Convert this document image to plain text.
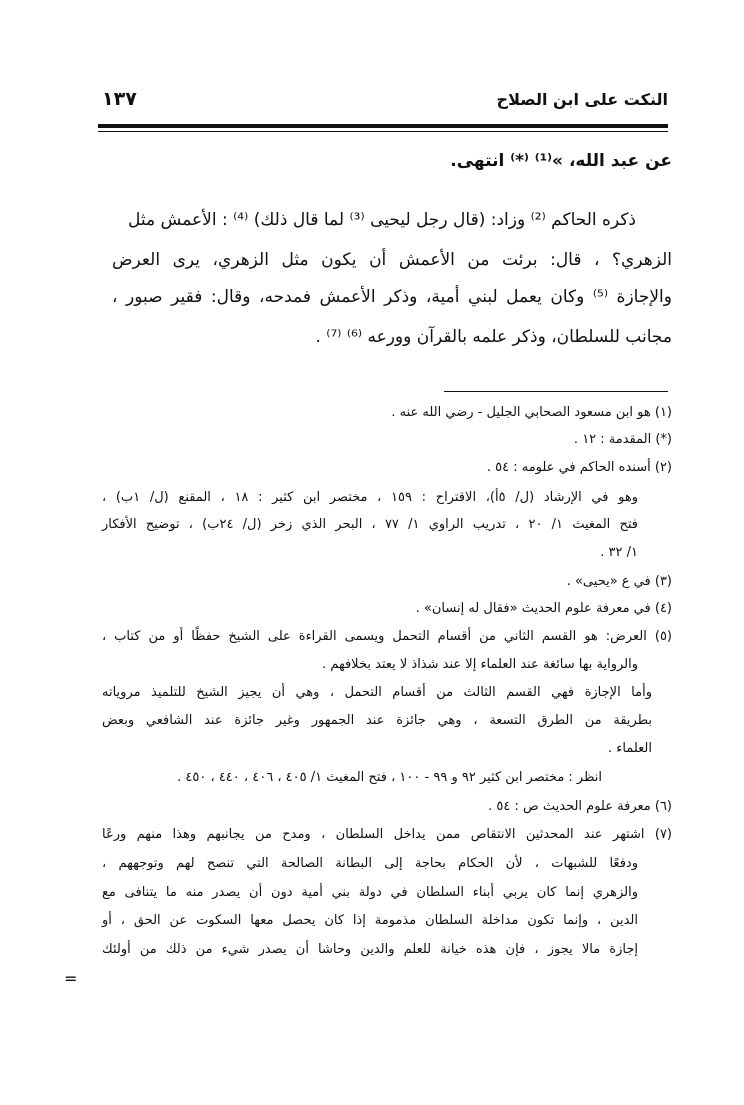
النكت على ابن الصلاح
١٣٧
عن عبد الله، »⁽¹⁾ ⁽*⁾ انتهى.
ذكره الحاكم ⁽²⁾ وزاد: (قال رجل ليحيى ⁽³⁾ لما قال ذلك) ⁽⁴⁾ : الأعمش مثل
الزهري؟ ، قال: برئت من الأعمش أن يكون مثل الزهري، يرى العرض
والإجازة ⁽⁵⁾ وكان يعمل لبني أمية، وذكر الأعمش فمدحه، وقال: فقير صبور ،
مجانب للسلطان، وذكر علمه بالقرآن وورعه ⁽⁶⁾ ⁽⁷⁾ .
(١) هو ابن مسعود الصحابي الجليل - رضي الله عنه .
(*) المقدمة : ١٢ .
(٢) أسنده الحاكم في علومه : ٥٤ .
وهو في الإرشاد (ل/ ٥أ)، الاقتراح : ١٥٩ ، مختصر ابن كثير : ١٨ ، المقنع (ل/ ١ب) ،
فتح المغيث ١/ ٢٠ ، تدريب الراوي ١/ ٧٧ ، البحر الذي زخر (ل/ ٢٤ب) ، توضيح الأفكار
١/ ٣٢ .
(٣) في ع «يحيى» .
(٤) في معرفة علوم الحديث «فقال له إنسان» .
(٥) العرض: هو القسم الثاني من أقسام التحمل ويسمى القراءة على الشيخ حفظًا أو من كتاب ،
والرواية بها سائغة عند العلماء إلا عند شذاذ لا يعتد بخلافهم .
وأما الإجازة فهي القسم الثالث من أقسام التحمل ، وهي أن يجيز الشيخ للتلميذ مروياته
بطريقة من الطرق التسعة ، وهي جائزة عند الجمهور وغير جائزة عند الشافعي وبعض
العلماء .
انظر : مختصر ابن كثير ٩٢ و ٩٩ - ١٠٠ ، فتح المغيث ١/ ٤٠٥ ، ٤٠٦ ، ٤٤٠ ، ٤٥٠ .
(٦) معرفة علوم الحديث ص : ٥٤ .
(٧) اشتهر عند المحدثين الانتقاص ممن يداخل السلطان ، ومدح من يجانبهم وهذا منهم ورعًا
ودفعًا للشبهات ، لأن الحكام بحاجة إلى البطانة الصالحة التي تنصح لهم وتوجههم ،
والزهري إنما كان يربي أبناء السلطان في دولة بني أمية دون أن يصدر منه ما يتنافى مع
الدين ، وإنما تكون مداخلة السلطان مذمومة إذا كان يحصل معها السكوت عن الحق ، أو
إجازة مالا يجوز ، فإن هذه خيانة للعلم والدين وحاشا أن يصدر شيء من ذلك من أولئك
=
